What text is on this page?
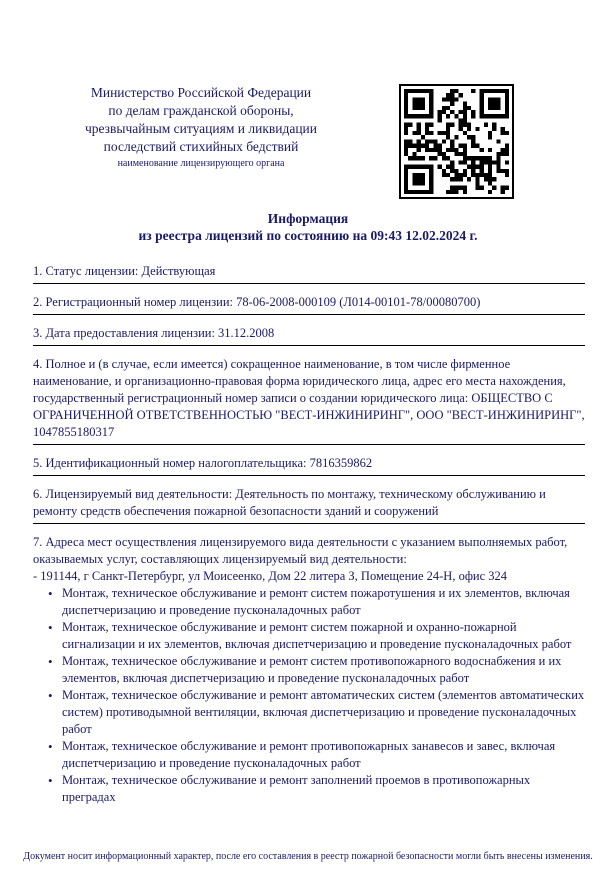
Министерство Российской Федерации
по делам гражданской обороны,
чрезвычайным ситуациям и ликвидации
последствий стихийных бедствий
наименование лицензирующего органа
Информация
из реестра лицензий по состоянию на 09:43 12.02.2024 г.
1. Статус лицензии: Действующая
2. Регистрационный номер лицензии: 78-06-2008-000109 (Л014-00101-78/00080700)
3. Дата предоставления лицензии: 31.12.2008
4. Полное и (в случае, если имеется) сокращенное наименование, в том числе фирменное наименование, и организационно-правовая форма юридического лица, адрес его места нахождения, государственный регистрационный номер записи о создании юридического лица: ОБЩЕСТВО С ОГРАНИЧЕННОЙ ОТВЕТСТВЕННОСТЬЮ "ВЕСТ-ИНЖИНИРИНГ", ООО "ВЕСТ-ИНЖИНИРИНГ", 1047855180317
5. Идентификационный номер налогоплательщика: 7816359862
6. Лицензируемый вид деятельности: Деятельность по монтажу, техническому обслуживанию и ремонту средств обеспечения пожарной безопасности зданий и сооружений

7. Адреса мест осуществления лицензируемого вида деятельности с указанием выполняемых работ, оказываемых услуг, составляющих лицензируемый вид деятельности:

- 191144, г Санкт-Петербург, ул Моисеенко, Дом 22 литера З, Помещение 24-Н, офис 324

• Монтаж, техническое обслуживание и ремонт систем пожаротушения и их элементов, включая диспетчеризацию и проведение пусконаладочных работ
• Монтаж, техническое обслуживание и ремонт систем пожарной и охранно-пожарной сигнализации и их элементов, включая диспетчеризацию и проведение пусконаладочных работ
• Монтаж, техническое обслуживание и ремонт систем противопожарного водоснабжения и их элементов, включая диспетчеризацию и проведение пусконаладочных работ
• Монтаж, техническое обслуживание и ремонт автоматических систем (элементов автоматических систем) противодымной вентиляции, включая диспетчеризацию и проведение пусконаладочных работ
• Монтаж, техническое обслуживание и ремонт противопожарных занавесов и завес, включая диспетчеризацию и проведение пусконаладочных работ
• Монтаж, техническое обслуживание и ремонт заполнений проемов в противопожарных преградах
Документ носит информационный характер, после его составления в реестр пожарной безопасности могли быть внесены изменения.
